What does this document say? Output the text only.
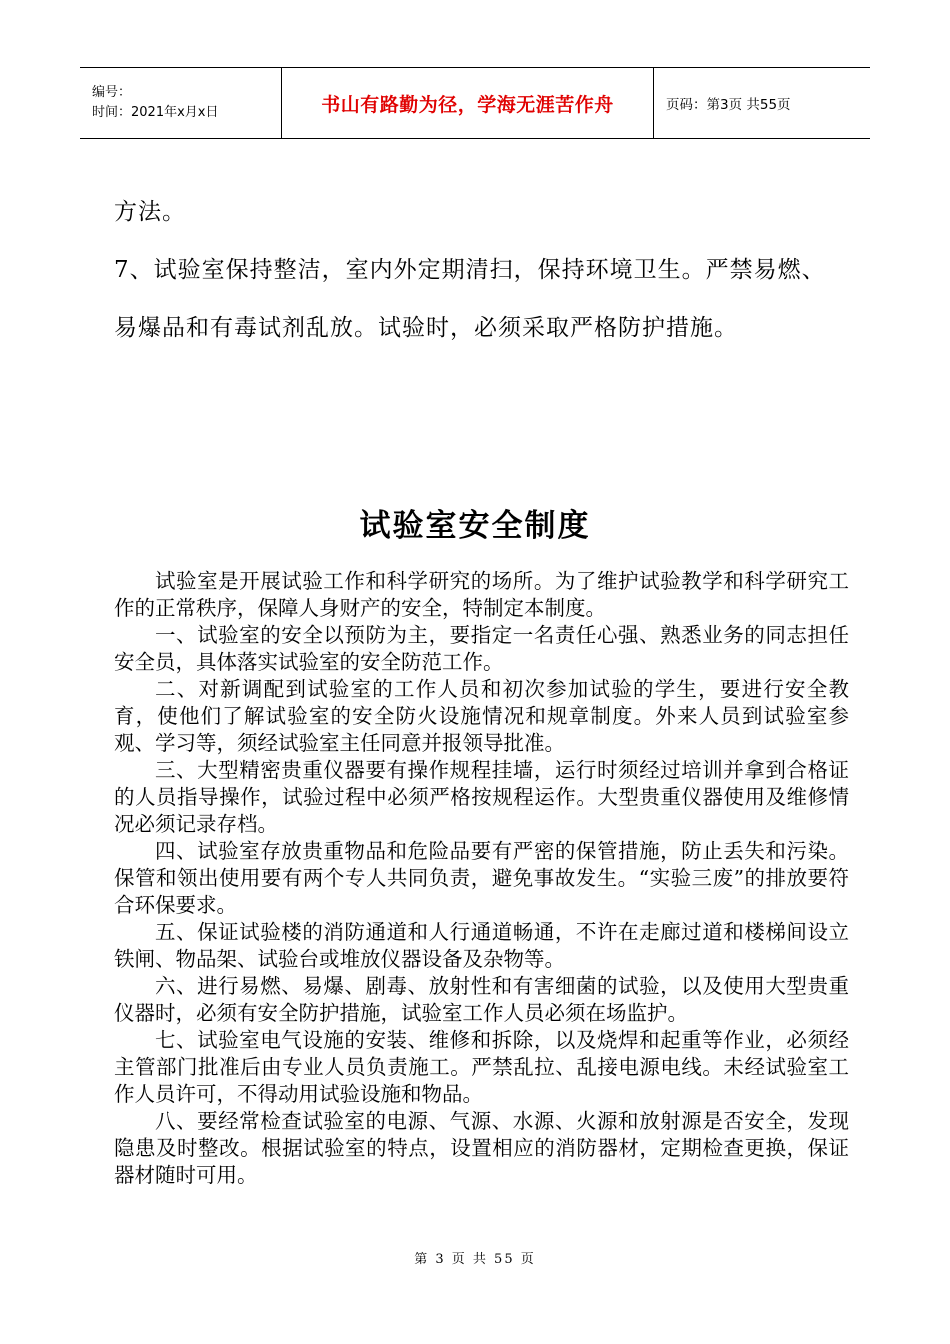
编号：
时间：2021年x月x日	书山有路勤为径，学海无涯苦作舟	页码：第3页 共55页
方法。
7、试验室保持整洁，室内外定期清扫，保持环境卫生。严禁易燃、易爆品和有毒试剂乱放。试验时，必须采取严格防护措施。
试验室安全制度

试验室是开展试验工作和科学研究的场所。为了维护试验教学和科学研究工作的正常秩序，保障人身财产的安全，特制定本制度。

一、试验室的安全以预防为主，要指定一名责任心强、熟悉业务的同志担任安全员，具体落实试验室的安全防范工作。

二、对新调配到试验室的工作人员和初次参加试验的学生，要进行安全教育，使他们了解试验室的安全防火设施情况和规章制度。外来人员到试验室参观、学习等，须经试验室主任同意并报领导批准。

三、大型精密贵重仪器要有操作规程挂墙，运行时须经过培训并拿到合格证的人员指导操作，试验过程中必须严格按规程运作。大型贵重仪器使用及维修情况必须记录存档。

四、试验室存放贵重物品和危险品要有严密的保管措施，防止丢失和污染。保管和领出使用要有两个专人共同负责，避免事故发生。“实验三废”的排放要符合环保要求。

五、保证试验楼的消防通道和人行通道畅通，不许在走廊过道和楼梯间设立铁闸、物品架、试验台或堆放仪器设备及杂物等。

六、进行易燃、易爆、剧毒、放射性和有害细菌的试验，以及使用大型贵重仪器时，必须有安全防护措施，试验室工作人员必须在场监护。

七、试验室电气设施的安装、维修和拆除，以及烧焊和起重等作业，必须经主管部门批准后由专业人员负责施工。严禁乱拉、乱接电源电线。未经试验室工作人员许可，不得动用试验设施和物品。

八、要经常检查试验室的电源、气源、水源、火源和放射源是否安全，发现隐患及时整改。根据试验室的特点，设置相应的消防器材，定期检查更换，保证器材随时可用。

第 3 页 共 55 页
